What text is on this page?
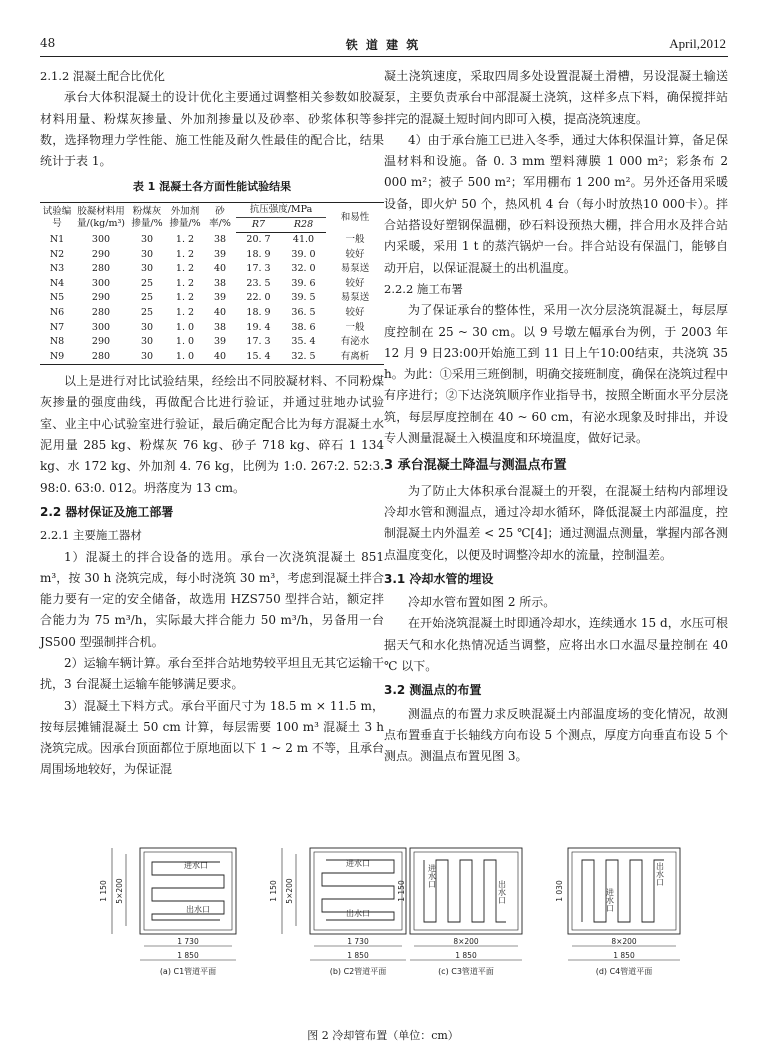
48	铁 道 建 筑	April,2012
2.1.2 混凝土配合比优化

承台大体积混凝土的设计优化主要通过调整相关参数如胶凝材料用量、粉煤灰掺量、外加剂掺量以及砂率、砂浆体积等参数，选择物理力学性能、施工性能及耐久性最佳的配合比，结果统计于表 1。

表 1 混凝土各方面性能试验结果
试验编号	胶凝材料用量/(kg/m³)	粉煤灰掺量/%	外加剂掺量/%	砂率/%	抗压强度/MPa		和易性
					R7	R28	
N1	300	30	1. 2	38	20. 7	41.0	一般
N2	290	30	1. 2	39	18. 9	39. 0	较好
N3	280	30	1. 2	40	17. 3	32. 0	易泵送
N4	300	25	1. 2	38	23. 5	39. 6	较好
N5	290	25	1. 2	39	22. 0	39. 5	易泵送
N6	280	25	1. 2	40	18. 9	36. 5	较好
N7	300	30	1. 0	38	19. 4	38. 6	一般
N8	290	30	1. 0	39	17. 3	35. 4	有泌水
N9	280	30	1. 0	40	15. 4	32. 5	有离析

以上是进行对比试验结果，经绘出不同胶凝材料、不同粉煤灰掺量的强度曲线，再做配合比进行验证，并通过驻地办试验室、业主中心试验室进行验证，最后确定配合比为每方混凝土水泥用量 285 kg、粉煤灰 76 kg、砂子 718 kg、碎石 1 134 kg、水 172 kg、外加剂 4. 76 kg，比例为 1:0. 267:2. 52:3. 98:0. 63:0. 012。坍落度为 13 cm。

2.2 器材保证及施工部署
2.2.1 主要施工器材

1）混凝土的拌合设备的选用。承台一次浇筑混凝土 851 m³，按 30 h 浇筑完成，每小时浇筑 30 m³，考虑到混凝土拌合能力要有一定的安全储备，故选用 HZS750 型拌合站，额定拌合能力为 75 m³/h，实际最大拌合能力 50 m³/h，另备用一台 JS500 型强制拌合机。

2）运输车辆计算。承台至拌合站地势较平坦且无其它运输干扰，3 台混凝土运输车能够满足要求。

3）混凝土下料方式。承台平面尺寸为 18.5 m × 11.5 m，按每层摊铺混凝土 50 cm 计算，每层需要 100 m³ 混凝土 3 h 浇筑完成。因承台顶面都位于原地面以下 1 ~ 2 m 不等，且承台周围场地较好，为保证混

凝土浇筑速度，采取四周多处设置混凝土滑槽，另设混凝土输送泵，主要负责承台中部混凝土浇筑，这样多点下料，确保搅拌站拌完的混凝土短时间内即可入模，提高浇筑速度。

4）由于承台施工已进入冬季，通过大体积保温计算，备足保温材料和设施。备 0. 3 mm 塑料薄膜 1 000 m²；彩条布 2 000 m²；被子 500 m²；军用棚布 1 200 m²。另外还备用采暖设备，即火炉 50 个，热风机 4 台（每小时放热10 000卡）。拌合站搭设好塑钢保温棚，砂石料设预热大棚，拌合用水及拌合站内采暖，采用 1 t 的蒸汽锅炉一台。拌合站设有保温门，能够自动开启，以保证混凝土的出机温度。

2.2.2 施工布署

为了保证承台的整体性，采用一次分层浇筑混凝土，每层厚度控制在 25 ~ 30 cm。以 9 号墩左幅承台为例，于 2003 年 12 月 9 日23:00开始施工到 11 日上午10:00结束，共浇筑 35 h。为此：①采用三班倒制，明确交接班制度，确保在浇筑过程中有序进行；②下达浇筑顺序作业指导书，按照全断面水平分层浇筑，每层厚度控制在 40 ~ 60 cm，有泌水现象及时排出，并设专人测量混凝土入模温度和环境温度，做好记录。

3 承台混凝土降温与测温点布置

为了防止大体积承台混凝土的开裂，在混凝土结构内部埋设冷却水管和测温点，通过冷却水循环，降低混凝土内部温度，控制混凝土内外温差 < 25 ℃[4]；通过测温点测量，掌握内部各测点温度变化，以便及时调整冷却水的流量，控制温差。

3.1 冷却水管的埋设

冷却水管布置如图 2 所示。

在开始浇筑混凝土时即通冷却水，连续通水 15 d，水压可根据天气和水化热情况适当调整，应将出水口水温尽量控制在 40 ℃ 以下。

3.2 测温点的布置

测温点的布置力求反映混凝土内部温度场的变化情况，故测点布置垂直于长轴线方向布设 5 个测点，厚度方向垂直布设 5 个测点。测温点布置见图 3。

进水口
出水口
进水口
出水口
进水口
出水口
出水口
进水口
1 150 5×200	1 150 5×200	1 150	1 030
1 730
1 850
1 730
1 850
8×200
1 850
8×200
1 850
(a) C1管道平面	(b) C2管道平面	(c) C3管道平面	(d) C4管道平面
图 2 冷却管布置（单位：cm）
